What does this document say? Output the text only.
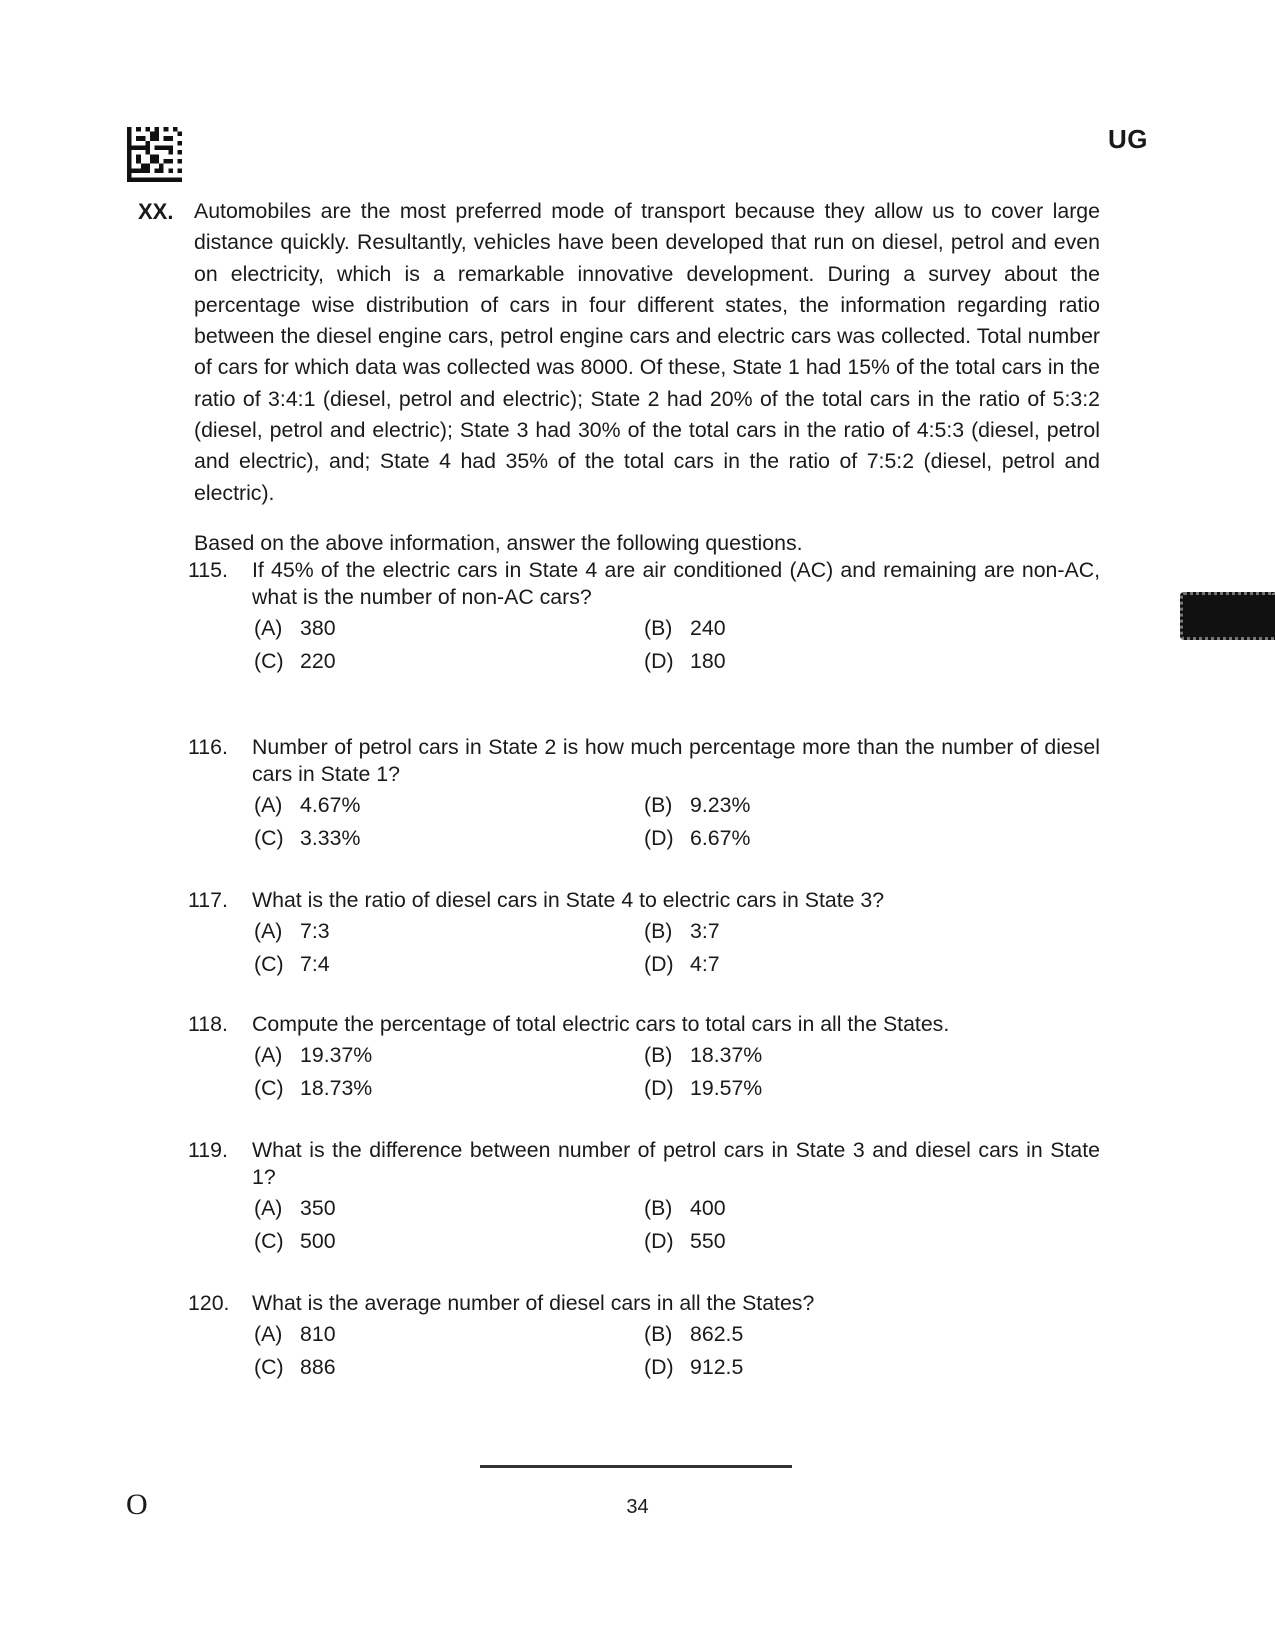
UG
XX. Automobiles are the most preferred mode of transport because they allow us to cover large distance quickly. Resultantly, vehicles have been developed that run on diesel, petrol and even on electricity, which is a remarkable innovative development. During a survey about the percentage wise distribution of cars in four different states, the information regarding ratio between the diesel engine cars, petrol engine cars and electric cars was collected. Total number of cars for which data was collected was 8000. Of these, State 1 had 15% of the total cars in the ratio of 3:4:1 (diesel, petrol and electric); State 2 had 20% of the total cars in the ratio of 5:3:2 (diesel, petrol and electric); State 3 had 30% of the total cars in the ratio of 4:5:3 (diesel, petrol and electric), and; State 4 had 35% of the total cars in the ratio of 7:5:2 (diesel, petrol and electric).

Based on the above information, answer the following questions.
115. If 45% of the electric cars in State 4 are air conditioned (AC) and remaining are non-AC, what is the number of non-AC cars?
(A) 380	(B) 240
(C) 220	(D) 180
116. Number of petrol cars in State 2 is how much percentage more than the number of diesel cars in State 1?
(A) 4.67%	(B) 9.23%
(C) 3.33%	(D) 6.67%
117. What is the ratio of diesel cars in State 4 to electric cars in State 3?
(A) 7:3	(B) 3:7
(C) 7:4	(D) 4:7
118. Compute the percentage of total electric cars to total cars in all the States.
(A) 19.37%	(B) 18.37%
(C) 18.73%	(D) 19.57%
119. What is the difference between number of petrol cars in State 3 and diesel cars in State 1?
(A) 350	(B) 400
(C) 500	(D) 550
120. What is the average number of diesel cars in all the States?
(A) 810	(B) 862.5
(C) 886	(D) 912.5
O	34
